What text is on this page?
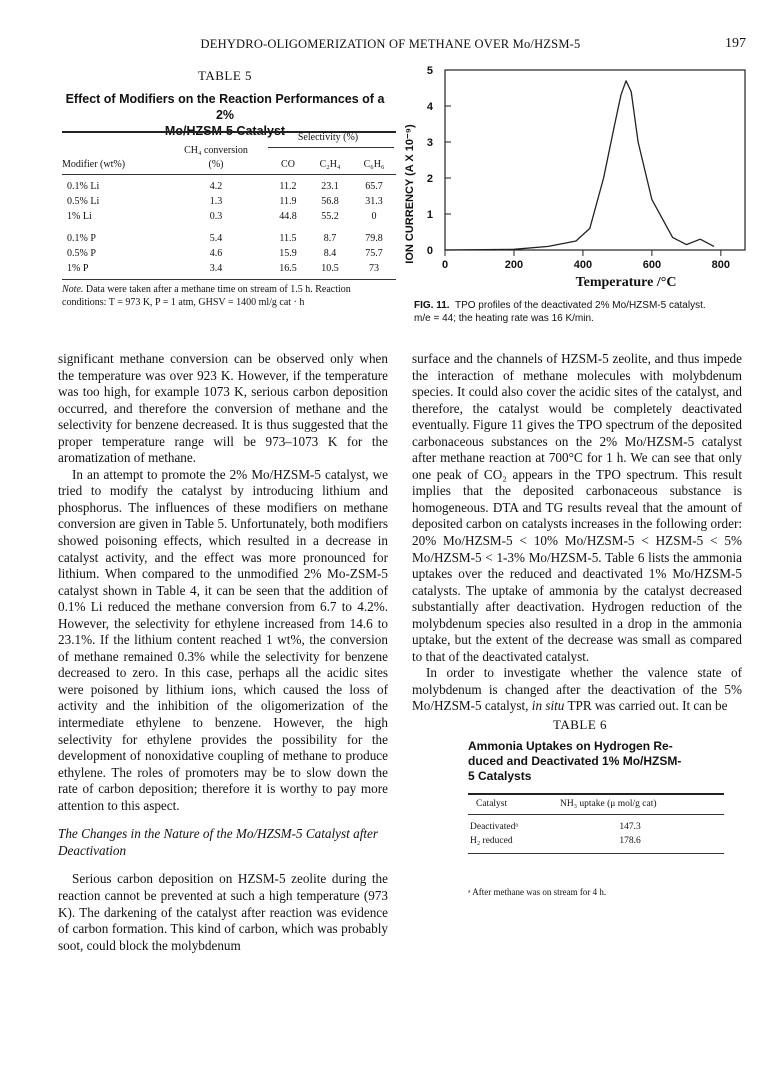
DEHYDRO-OLIGOMERIZATION OF METHANE OVER Mo/HZSM-5	197
TABLE 5
Effect of Modifiers on the Reaction Performances of a 2%
Mo/HZSM-5 Catalyst	Selectivity (%)
CH₄ conversion
Modifier (wt%)	(%)	CO	C₂H₄	C₆H₆
0.1% Li	4.2	11.2	23.1	65.7
0.5% Li	1.3	11.9	56.8	31.3
1% Li	0.3	44.8	55.2	0
0.1% P	5.4	11.5	8.7	79.8
0.5% P	4.6	15.9	8.4	75.7
1% P	3.4	16.5	10.5	73
Note. Data were taken after a methane time on stream of 1.5 h. Reaction
conditions: T = 973 K, P = 1 atm, GHSV = 1400 ml/g cat · h
0
1
2
3
4
5
0	200	400	600	800
ION CURRENCY (A X 10⁻⁹)
Temperature /°C
FIG. 11. TPO profiles of the deactivated 2% Mo/HZSM-5 catalyst.
m/e = 44; the heating rate was 16 K/min.

significant methane conversion can be observed only when the temperature was over 923 K. However, if the temperature was too high, for example 1073 K, serious carbon deposition occurred, and therefore the conversion of methane and the selectivity for benzene decreased. It is thus suggested that the proper temperature range will be 973–1073 K for the aromatization of methane.

In an attempt to promote the 2% Mo/HZSM-5 catalyst, we tried to modify the catalyst by introducing lithium and phosphorus. The influences of these modifiers on methane conversion are given in Table 5. Unfortunately, both modifiers showed poisoning effects, which resulted in a decrease in catalyst activity, and the effect was more pronounced for lithium. When compared to the unmodified 2% Mo-ZSM-5 catalyst shown in Table 4, it can be seen that the addition of 0.1% Li reduced the methane conversion from 6.7 to 4.2%. However, the selectivity for ethylene increased from 14.6 to 23.1%. If the lithium content reached 1 wt%, the conversion of methane remained 0.3% while the selectivity for benzene decreased to zero. In this case, perhaps all the acidic sites were poisoned by lithium ions, which caused the loss of activity and the inhibition of the oligomerization of the intermediate ethylene to benzene. However, the high selectivity for ethylene provides the possibility for the development of nonoxidative coupling of methane to produce ethylene. The roles of promoters may be to slow down the rate of carbon deposition; therefore it is worthy to pay more attention to this aspect.

The Changes in the Nature of the Mo/HZSM-5 Catalyst after Deactivation

Serious carbon deposition on HZSM-5 zeolite during the reaction cannot be prevented at such a high temperature (973 K). The darkening of the catalyst after reaction was evidence of carbon formation. This kind of carbon, which was probably soot, could block the molybdenum

surface and the channels of HZSM-5 zeolite, and thus impede the interaction of methane molecules with molybdenum species. It could also cover the acidic sites of the catalyst, and therefore, the catalyst would be completely deactivated eventually. Figure 11 gives the TPO spectrum of the deposited carbonaceous substances on the 2% Mo/HZSM-5 catalyst after methane reaction at 700°C for 1 h. We can see that only one peak of CO₂ appears in the TPO spectrum. This result implies that the deposited carbonaceous substance is homogeneous. DTA and TG results reveal that the amount of deposited carbon on catalysts increases in the following order: 20% Mo/HZSM-5 < 10% Mo/HZSM-5 < HZSM-5 < 5% Mo/HZSM-5 < 1-3% Mo/HZSM-5. Table 6 lists the ammonia uptakes over the reduced and deactivated 1% Mo/HZSM-5 catalysts. The uptake of ammonia by the catalyst decreased substantially after deactivation. Hydrogen reduction of the molybdenum species also resulted in a drop in the ammonia uptake, but the extent of the decrease was small as compared to that of the deactivated catalyst.

In order to investigate whether the valence state of molybdenum is changed after the deactivation of the 5% Mo/HZSM-5 catalyst, in situ TPR was carried out. It can be

TABLE 6
Ammonia Uptakes on Hydrogen Re-
duced and Deactivated 1% Mo/HZSM-
5 Catalysts
Catalyst	NH₃ uptake (μ mol/g cat)
Deactivatedᵃ	147.3
H₂ reduced	178.6
ᵃ After methane was on stream for 4 h.
